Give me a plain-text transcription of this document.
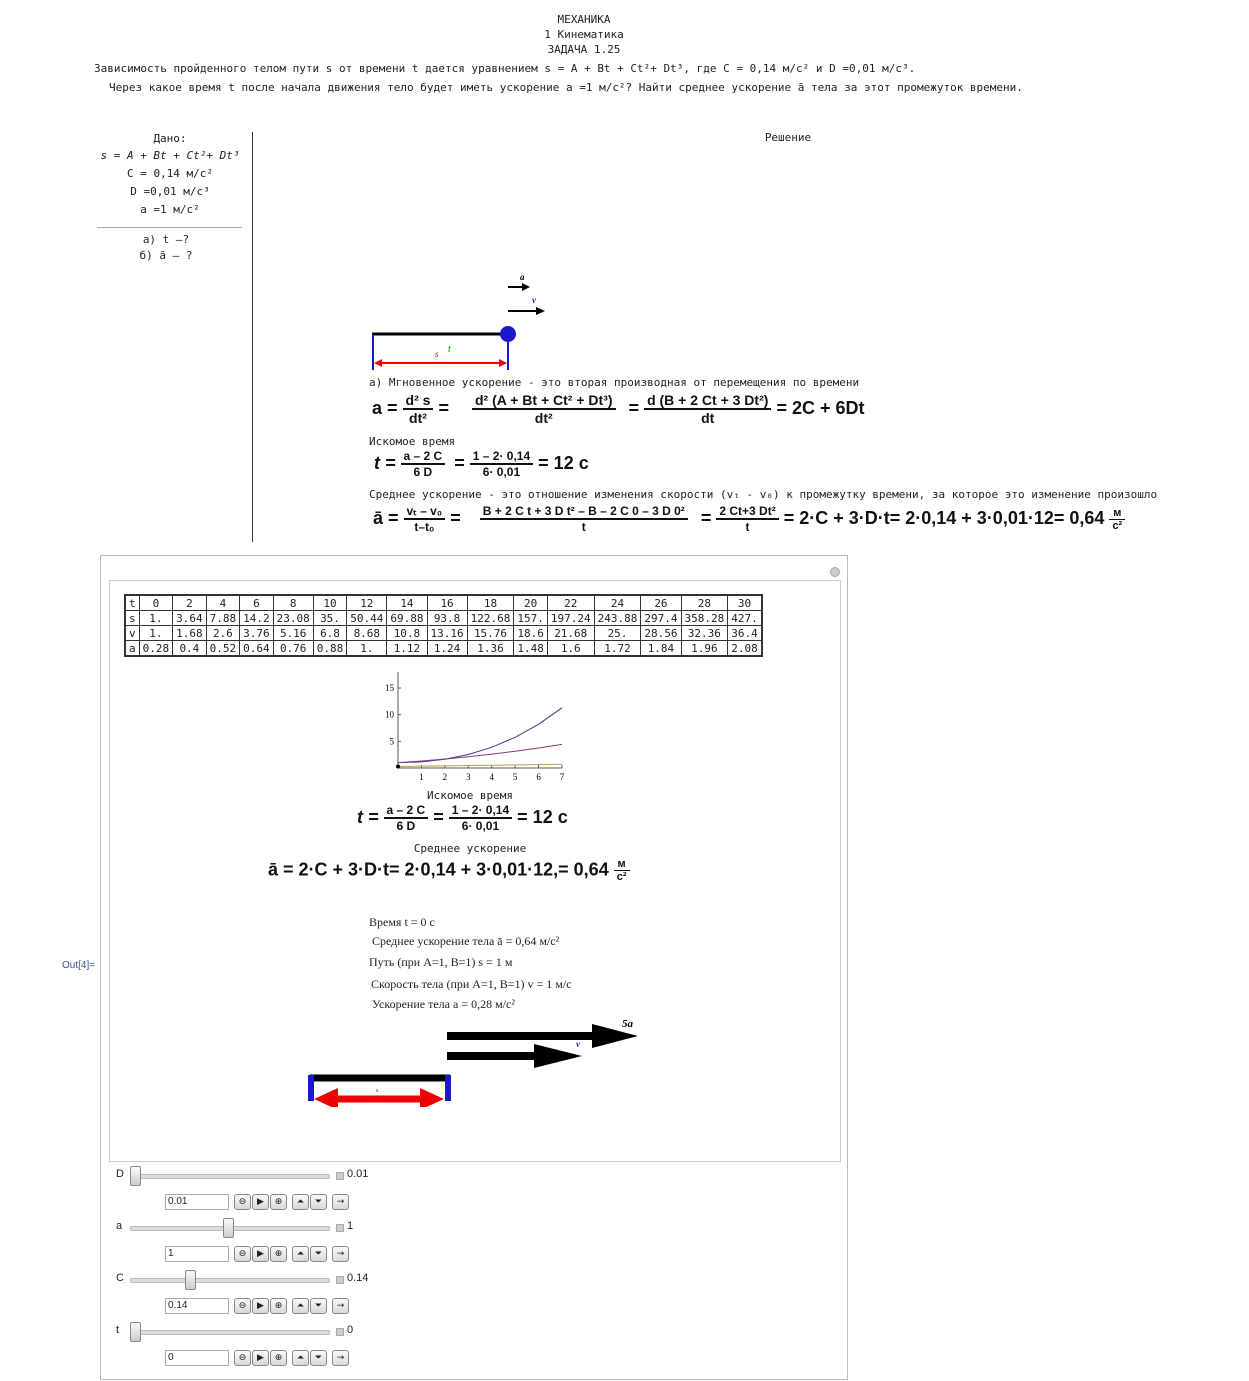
МЕХАНИКА
1 Кинематика
ЗАДАЧА 1.25
Зависимость пройденного телом пути s от времени t дается уравнением s = A + Bt + Ct²+ Dt³, где C = 0,14 м/с² и D =0,01 м/с³.
Через какое время t после начала движения тело будет иметь ускорение a =1 м/с²? Найти среднее ускорение ā тела за этот промежуток времени.
Дано:
s = A + Bt + Ct²+ Dt³
C = 0,14 м/с²
D =0,01 м/с³
a =1 м/с²
а) t –?
б) ā – ?
Решение
a
v
s t
а) Мгновенное ускорение - это вторая производная от перемещения по времени
$a = \frac{\text{d² s}}{\text{dt²}} = \frac{\text{d² (A + Bt + Ct² + Dt³)}}{\text{dt²}} = \frac{\text{d (B + 2 Ct + 3 Dt²)}}{dt} = 2C + 6Dt$
Искомое время
$t = \frac{a - 2 C}{6 D} = \frac{1 - 2\cdot 0,14}{6\cdot 0,01} = 12$ c
Среднее ускорение - это отношение изменения скорости (vₜ - v₀) к промежутку времени, за которое это изменение произошло
ā = $\frac{\text{vₜ – v₀}}{\text{t–t₀}} = \frac{\text{B + 2 C t + 3 D t² – B – 2 C 0 – 3 D 0²}}{t} = \frac{\text{2 Ct+3 Dt²}}{t} = 2\cdot C + 3\cdot D\cdot t= 2\cdot 0,14 + 3\cdot 0,01\cdot 12= 0,64 \frac{м}{\text{c²}}$
Out[4]=
t	0	2	4	6	8	10	12	14	16	18	20	22	24	26	28	30
s	1.	3.64	7.88	14.2	23.08	35.	50.44	69.88	93.8	122.68	157.	197.24	243.88	297.4	358.28	427.
v	1.	1.68	2.6	3.76	5.16	6.8	8.68	10.8	13.16	15.76	18.6	21.68	25.	28.56	32.36	36.4
a	0.28	0.4	0.52	0.64	0.76	0.88	1.	1.12	1.24	1.36	1.48	1.6	1.72	1.84	1.96	2.08
1 2 3 4 5 6 7
5
10
15
Искомое время
$t = \frac{a - 2 C}{6 D} = \frac{1 - 2\cdot 0,14}{6\cdot 0,01} = 12$ c
Среднее ускорение
ā = $2\cdot C + 3\cdot D\cdot t= 2\cdot 0,14 + 3\cdot 0,01\cdot 12,= 0,64 \frac{м}{\text{c²}}$
Время t = 0 с
Среднее ускорение тела ā = 0,64 м/с²
Путь (при A=1, B=1) s = 1 м
Скорость тела (при A=1, B=1) v = 1 м/с
Ускорение тела a = 0,28 м/с²
5a
v
s
D	0.01
0.01	⊖	▶	⊕	⏶	⏷	→
a	1
1	⊖	▶	⊕	⏶	⏷	→
C	0.14
0.14	⊖	▶	⊕	⏶	⏷	→
t	0
0	⊖	▶	⊕	⏶	⏷	→
